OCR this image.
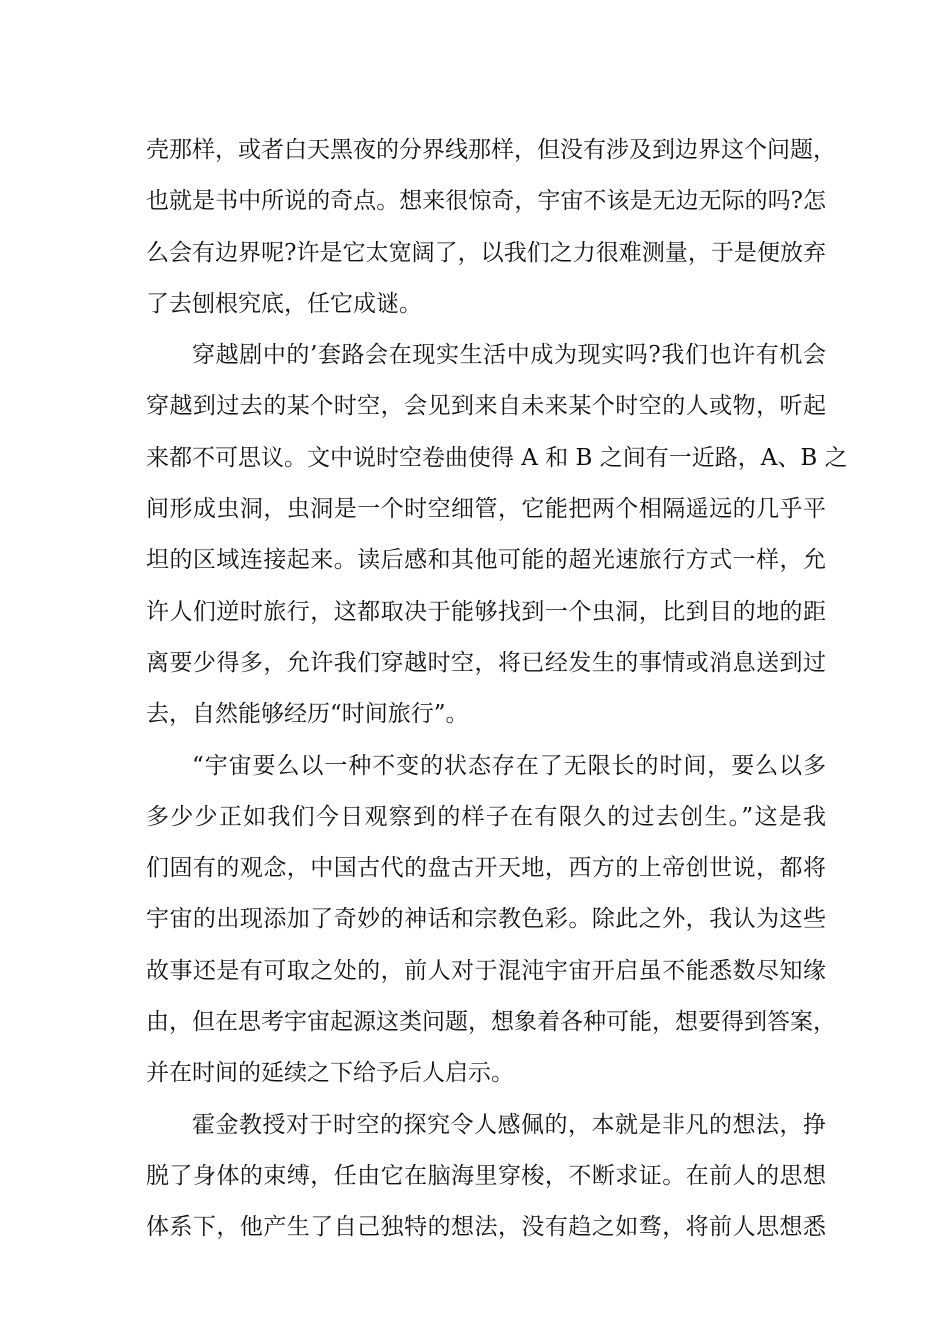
壳那样，或者白天黑夜的分界线那样，但没有涉及到边界这个问题，
也就是书中所说的奇点。想来很惊奇，宇宙不该是无边无际的吗?怎
么会有边界呢?许是它太宽阔了，以我们之力很难测量，于是便放弃
了去刨根究底，任它成谜。
穿越剧中的’套路会在现实生活中成为现实吗?我们也许有机会
穿越到过去的某个时空，会见到来自未来某个时空的人或物，听起
来都不可思议。文中说时空卷曲使得 A 和 B 之间有一近路，A、B 之
间形成虫洞，虫洞是一个时空细管，它能把两个相隔遥远的几乎平
坦的区域连接起来。读后感和其他可能的超光速旅行方式一样，允
许人们逆时旅行，这都取决于能够找到一个虫洞，比到目的地的距
离要少得多，允许我们穿越时空，将已经发生的事情或消息送到过
去，自然能够经历“时间旅行”。
“宇宙要么以一种不变的状态存在了无限长的时间，要么以多
多少少正如我们今日观察到的样子在有限久的过去创生。”这是我
们固有的观念，中国古代的盘古开天地，西方的上帝创世说，都将
宇宙的出现添加了奇妙的神话和宗教色彩。除此之外，我认为这些
故事还是有可取之处的，前人对于混沌宇宙开启虽不能悉数尽知缘
由，但在思考宇宙起源这类问题，想象着各种可能，想要得到答案，
并在时间的延续之下给予后人启示。
霍金教授对于时空的探究令人感佩的，本就是非凡的想法，挣
脱了身体的束缚，任由它在脑海里穿梭，不断求证。在前人的思想
体系下，他产生了自己独特的想法，没有趋之如骛，将前人思想悉
